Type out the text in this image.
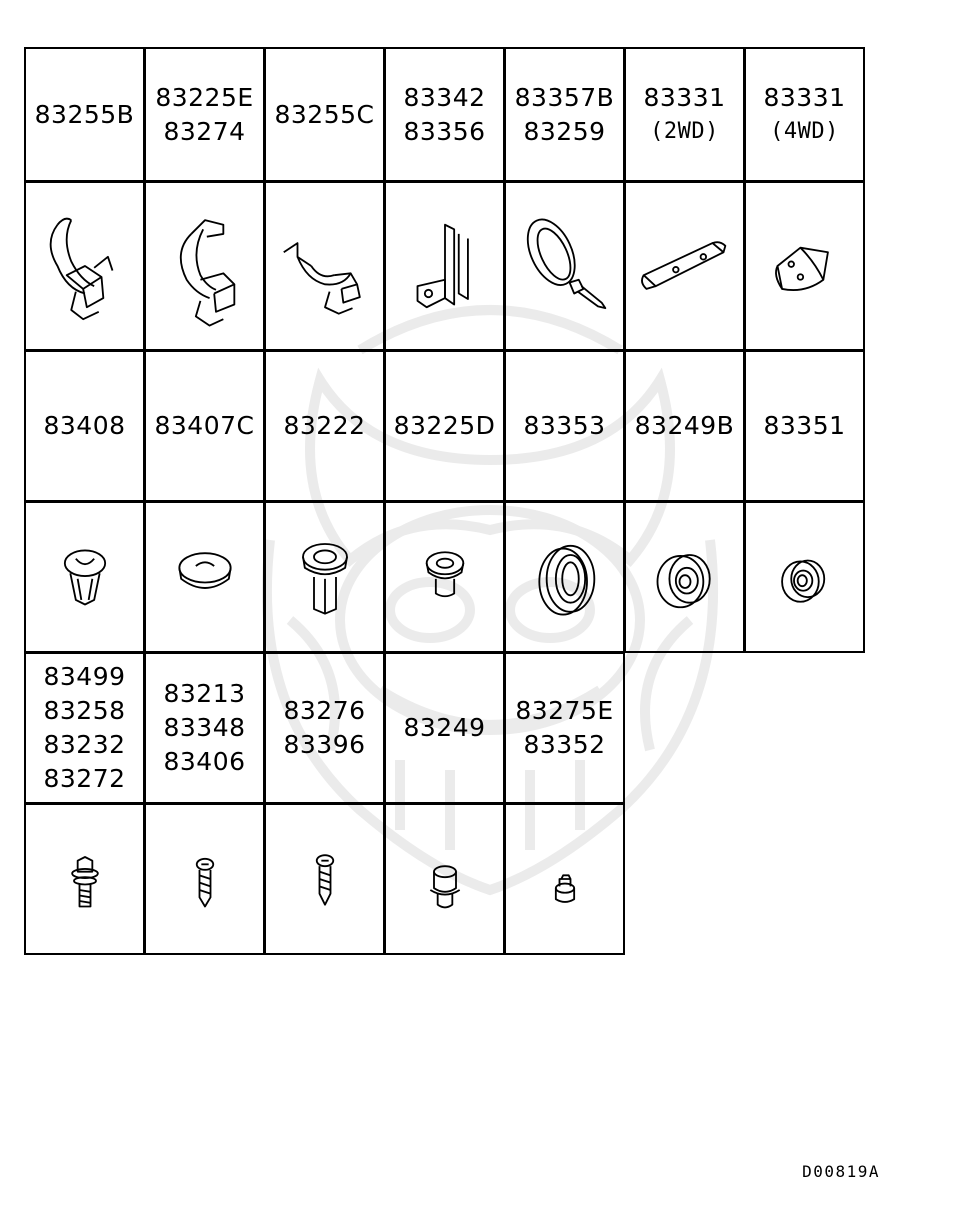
83255B
83225E
83274
83255C
83342
83356
83357B
83259
83331
(2WD)
83331
(4WD)
83408 83407C 83222 83225D 83353 83249B 83351
83499
83258
83232
83272
83213
83348
83406
83276
83396
83249
83275E
83352
D00819A
